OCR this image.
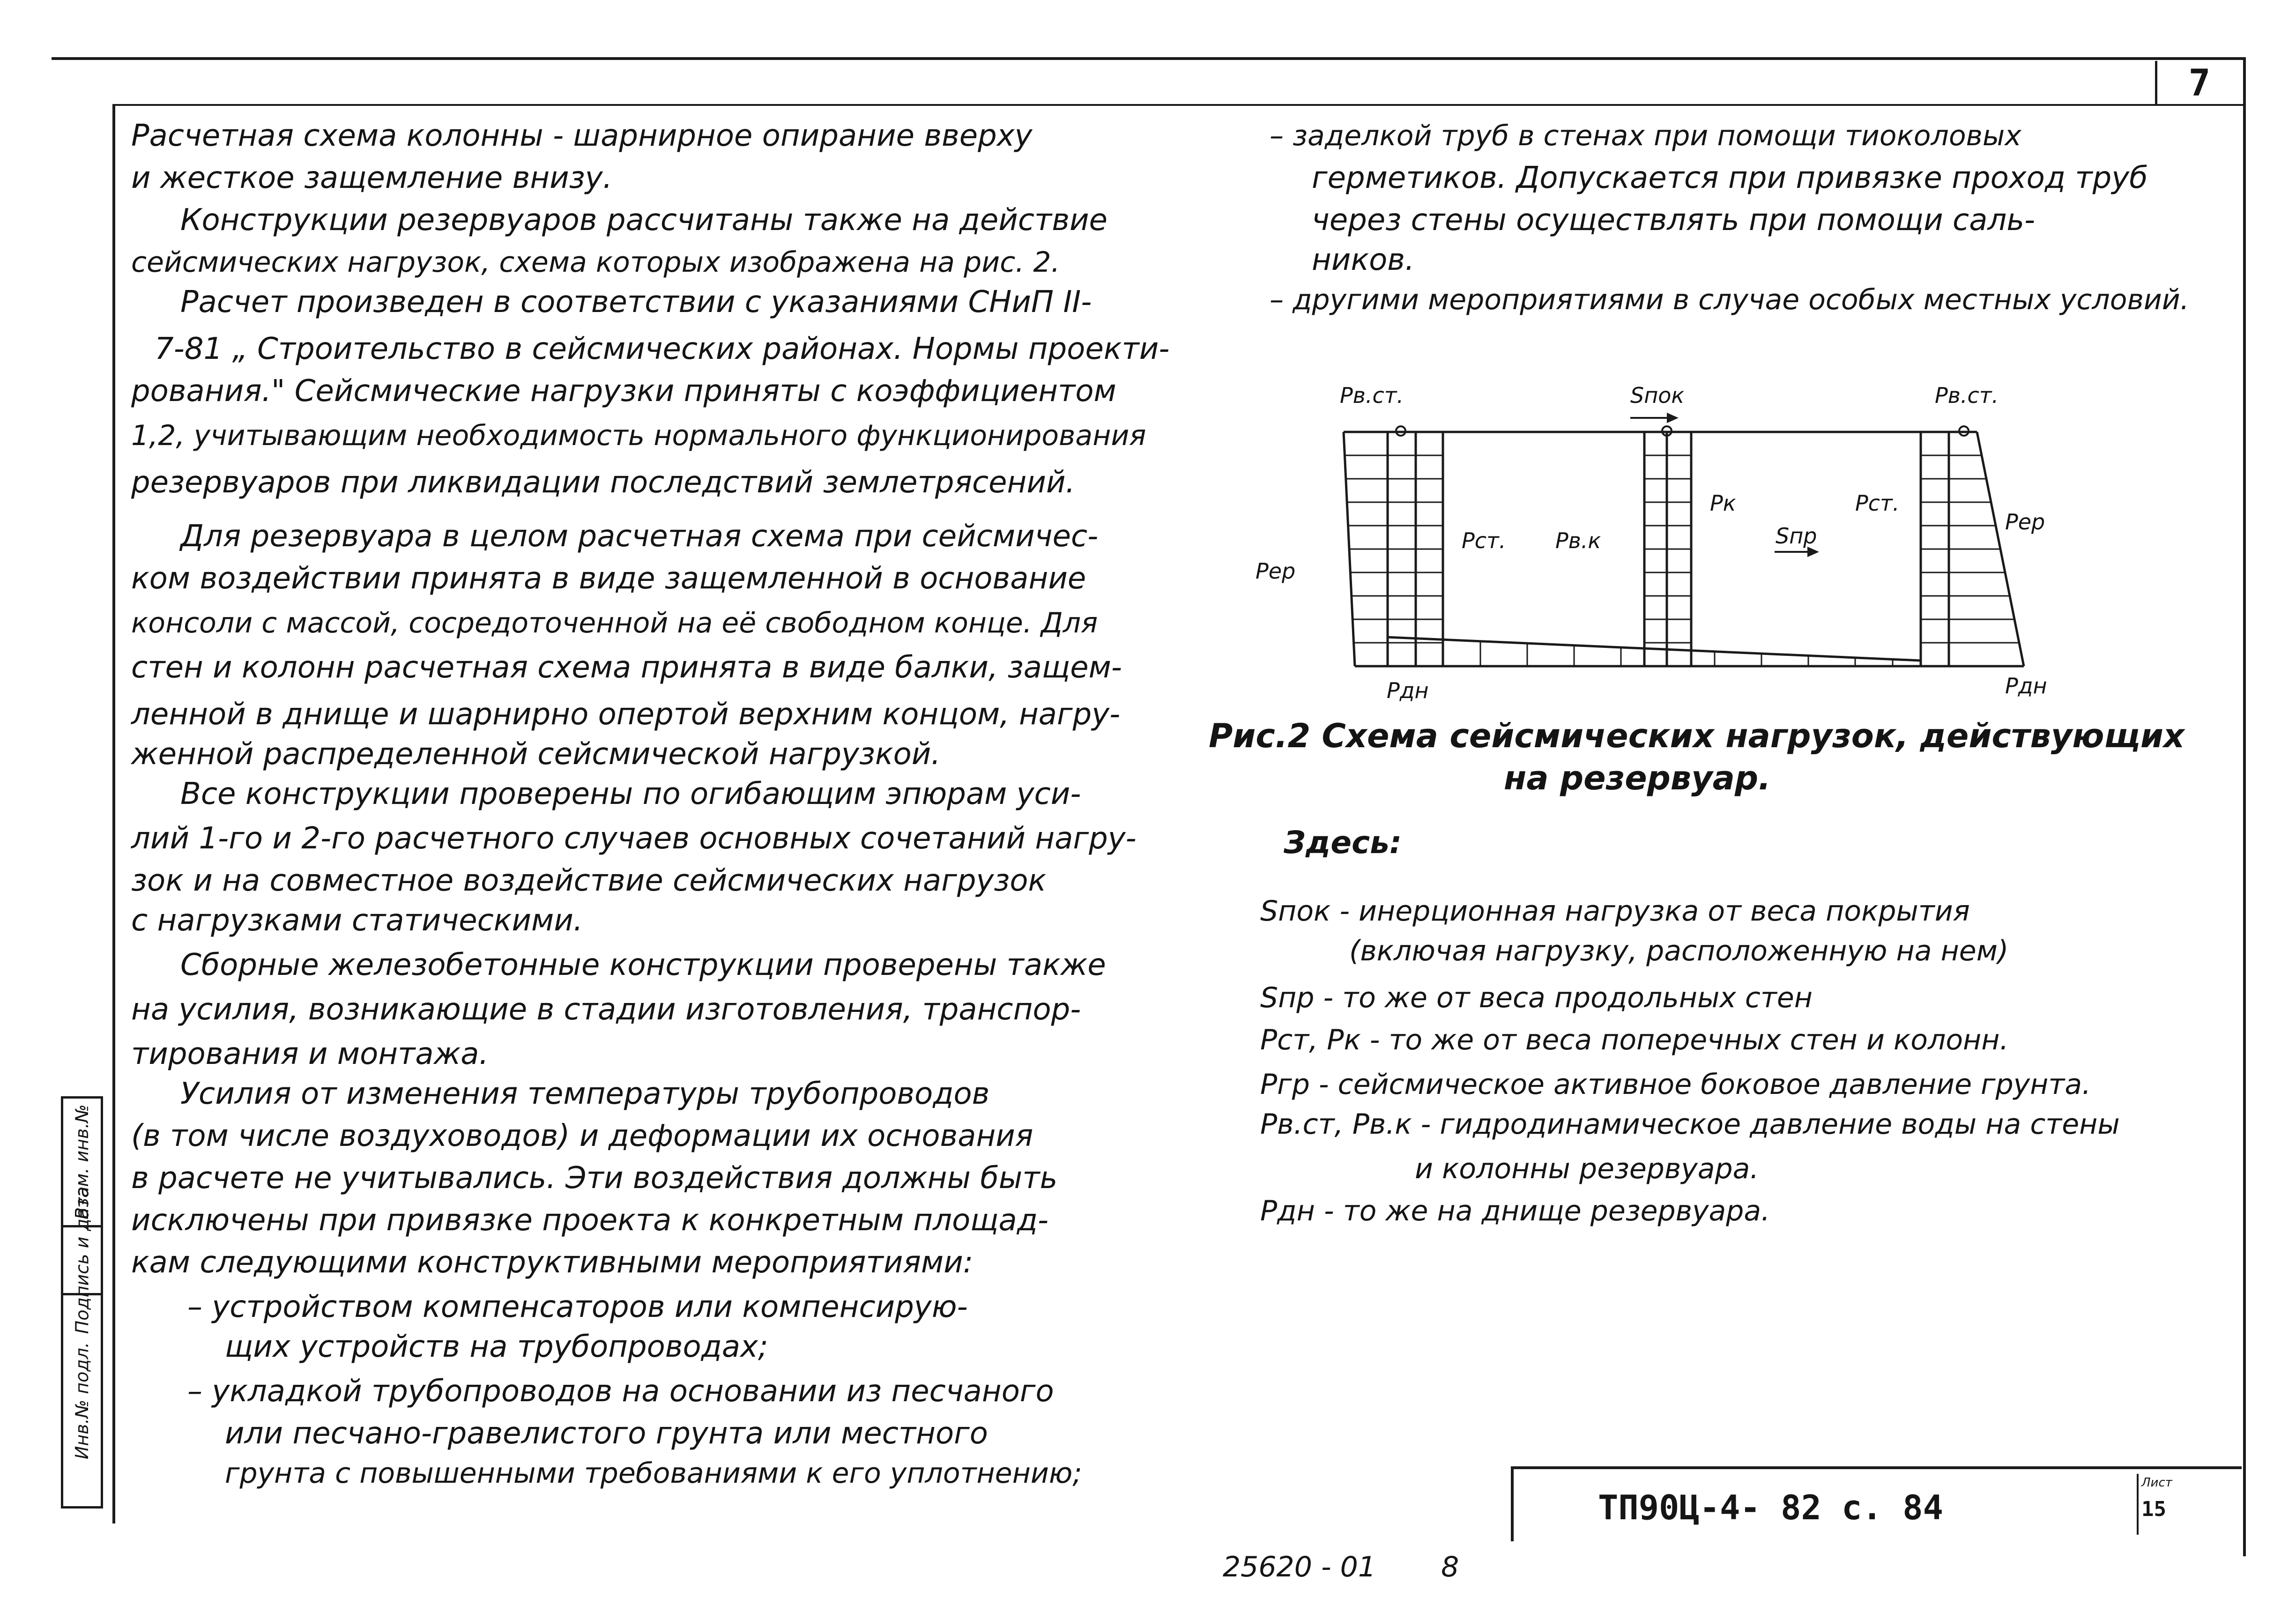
7
Инв.№ подл.
Подпись и дата
Взам. инв.№
Расчетная схема колонны - шарнирное опирание вверху
и жесткое защемление внизу.
Конструкции резервуаров рассчитаны также на действие
сейсмических нагрузок, схема которых изображена на рис. 2.
Расчет произведен в соответствии с указаниями СНиП II-
7-81 „ Строительство в сейсмических районах. Нормы проекти-
рования." Сейсмические нагрузки приняты с коэффициентом
1,2, учитывающим необходимость нормального функционирования
резервуаров при ликвидации последствий землетрясений.
Для резервуара в целом расчетная схема при сейсмичес-
ком воздействии принята в виде защемленной в основание
консоли с массой, сосредоточенной на её свободном конце. Для
стен и колонн расчетная схема принята в виде балки, защем-
ленной в днище и шарнирно опертой верхним концом, нагру-
женной распределенной сейсмической нагрузкой.
Все конструкции проверены по огибающим эпюрам уси-
лий 1-го и 2-го расчетного случаев основных сочетаний нагру-
зок и на совместное воздействие сейсмических нагрузок
с нагрузками статическими.
Сборные железобетонные конструкции проверены также
на усилия, возникающие в стадии изготовления, транспор-
тирования и монтажа.
Усилия от изменения температуры трубопроводов
(в том числе воздуховодов) и деформации их основания
в расчете не учитывались. Эти воздействия должны быть
исключены при привязке проекта к конкретным площад-
кам следующими конструктивными мероприятиями:
– устройством компенсаторов или компенсирую-
щих устройств на трубопроводах;
– укладкой трубопроводов на основании из песчаного
или песчано-гравелистого грунта или местного
грунта с повышенными требованиями к его уплотнению;
– заделкой труб в стенах при помощи тиоколовых
герметиков. Допускается при привязке проход труб
через стены осуществлять при помощи саль-
ников.
– другими мероприятиями в случае особых местных условий.
Рв.ст.	Sпок	Рв.ст.
Рст. Рв.к
Рк
Sпр
Рст.
Рер
Рер
Рдн	Рдн
Рис.2 Схема сейсмических нагрузок, действующих
на резервуар.
Здесь:
Sпок - инерционная нагрузка от веса покрытия
(включая нагрузку, расположенную на нем)
Sпр - то же от веса продольных стен
Рст, Рк - то же от веса поперечных стен и колонн.
Ргр - сейсмическое активное боковое давление грунта.
Рв.ст, Рв.к - гидродинамическое давление воды на стены
и колонны резервуара.
Рдн - то же на днище резервуара.
ТП90Ц-4- 82 с. 84
Лист
15
25620 - 01 8
